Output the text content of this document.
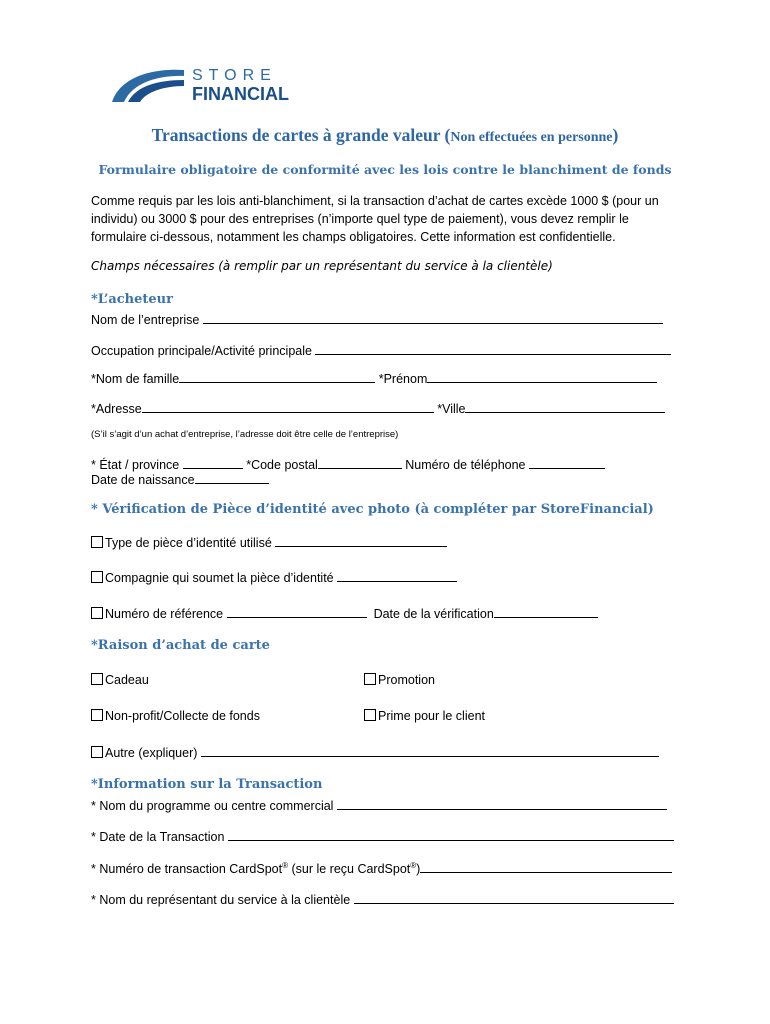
STORE
FINANCIAL
Transactions de cartes à grande valeur (Non effectuées en personne)
Formulaire obligatoire de conformité avec les lois contre le blanchiment de fonds
Comme requis par les lois anti-blanchiment, si la transaction d’achat de cartes excède 1000 $ (pour un individu) ou 3000 $ pour des entreprises (n’importe quel type de paiement), vous devez remplir le formulaire ci-dessous, notamment les champs obligatoires. Cette information est confidentielle.
Champs nécessaires (à remplir par un représentant du service à la clientèle)
*L’acheteur
Nom de l’entreprise
Occupation principale/Activité principale
*Nom de famille	*Prénom
*Adresse	*Ville
(S’il s’agit d’un achat d’entreprise, l’adresse doit être celle de l’entreprise)
* État / province	*Code postal	Numéro de téléphone
Date de naissance
* Vérification de Pièce d’identité avec photo (à compléter par StoreFinancial)
Type de pièce d’identité utilisé
Compagnie qui soumet la pièce d’identité
Numéro de référence	Date de la vérification
*Raison d’achat de carte
Cadeau	Promotion
Non-profit/Collecte de fonds	Prime pour le client
Autre (expliquer)
*Information sur la Transaction
* Nom du programme ou centre commercial
* Date de la Transaction
* Numéro de transaction CardSpot® (sur le reçu CardSpot®)
* Nom du représentant du service à la clientèle
